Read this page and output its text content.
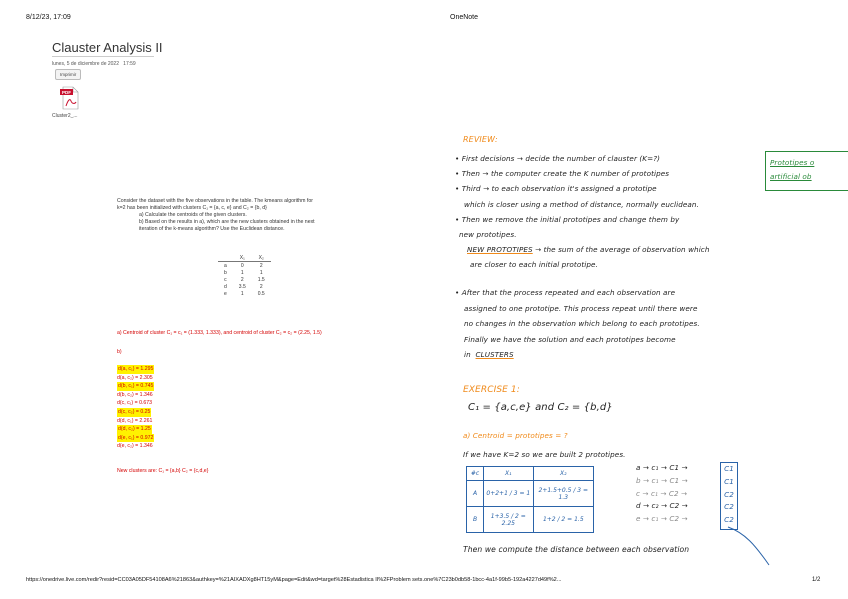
8/12/23, 17:09	OneNote
Clauster Analysis II
lunes, 5 de diciembre de 2022 17:59
Imprimir
PDF
Cluster2_...
Consider the dataset with the five observations in the table. The kmeans algorithm for
k=2 has been initialized with clusters C₁ = {a, c, e} and C₂ = {b, d}
a) Calculate the centroids of the given clusters.
b) Based on the results in a), which are the new clusters obtained in the next
iteration of the k-means algorithm? Use the Euclidean distance.
	X₁	X₂
a	0	2
b	1	1
c	2	1.5
d	3.5	2
e	1	0.5
a) Centroid of cluster C₁ = c₁ = (1.333, 1.333), and centroid of cluster C₂ = c₂ = (2.25, 1.5)
b)
d(a, c₁) = 1.295
d(a, c₂) = 2.305
d(b, c₁) = 0.745
d(b, c₂) = 1.346
d(c, c₁) = 0.673
d(c, c₂) = 0.25
d(d, c₁) = 2.261
d(d, c₂) = 1.25
d(e, c₁) = 0.972
d(e, c₂) = 1.346
New clusters are: C₁ = {a,b} C₂ = {c,d,e}
REVIEW:
• First decisions → decide the number of clauster (K=?)
• Then → the computer create the K number of prototipes
• Third → to each observation it's assigned a prototipe
which is closer using a method of distance, normally euclidean.
• Then we remove the initial prototipes and change them by
new prototipes.
NEW PROTOTIPES → the sum of the average of observation which
are closer to each initial prototipe.
• After that the process repeated and each observation are
assigned to one prototipe. This process repeat until there were
no changes in the observation which belong to each prototipes.
Finally we have the solution and each prototipes become
in CLUSTERS
Prototipes o
artificial ob
EXERCISE 1:
C₁ = {a,c,e} and C₂ = {b,d}
a) Centroid = prototipes = ?
If we have K=2 so we are built 2 prototipes.
#c	X₁	X₂
A	0+2+1 / 3 = 1	2+1.5+0.5 / 3 = 1.3
B	1+3.5 / 2 = 2.25	1+2 / 2 = 1.5
a → c₁ → C1 →
b → c₁ → C1 →
c → c₁ → C2 →
d → c₂ → C2 →
e → c₁ → C2 →
C1
C1
C2
C2
C2
Then we compute the distance between each observation
https://onedrive.live.com/redir?resid=CC03A05DF54108A6%21863&authkey=%21AIXADXg8HT15yM&page=Edit&wd=target%28Estadistica II%2FProblem sets.one%7C23b0db58-1bcc-4a1f-99b5-192a4227d49f%2...	1/2
